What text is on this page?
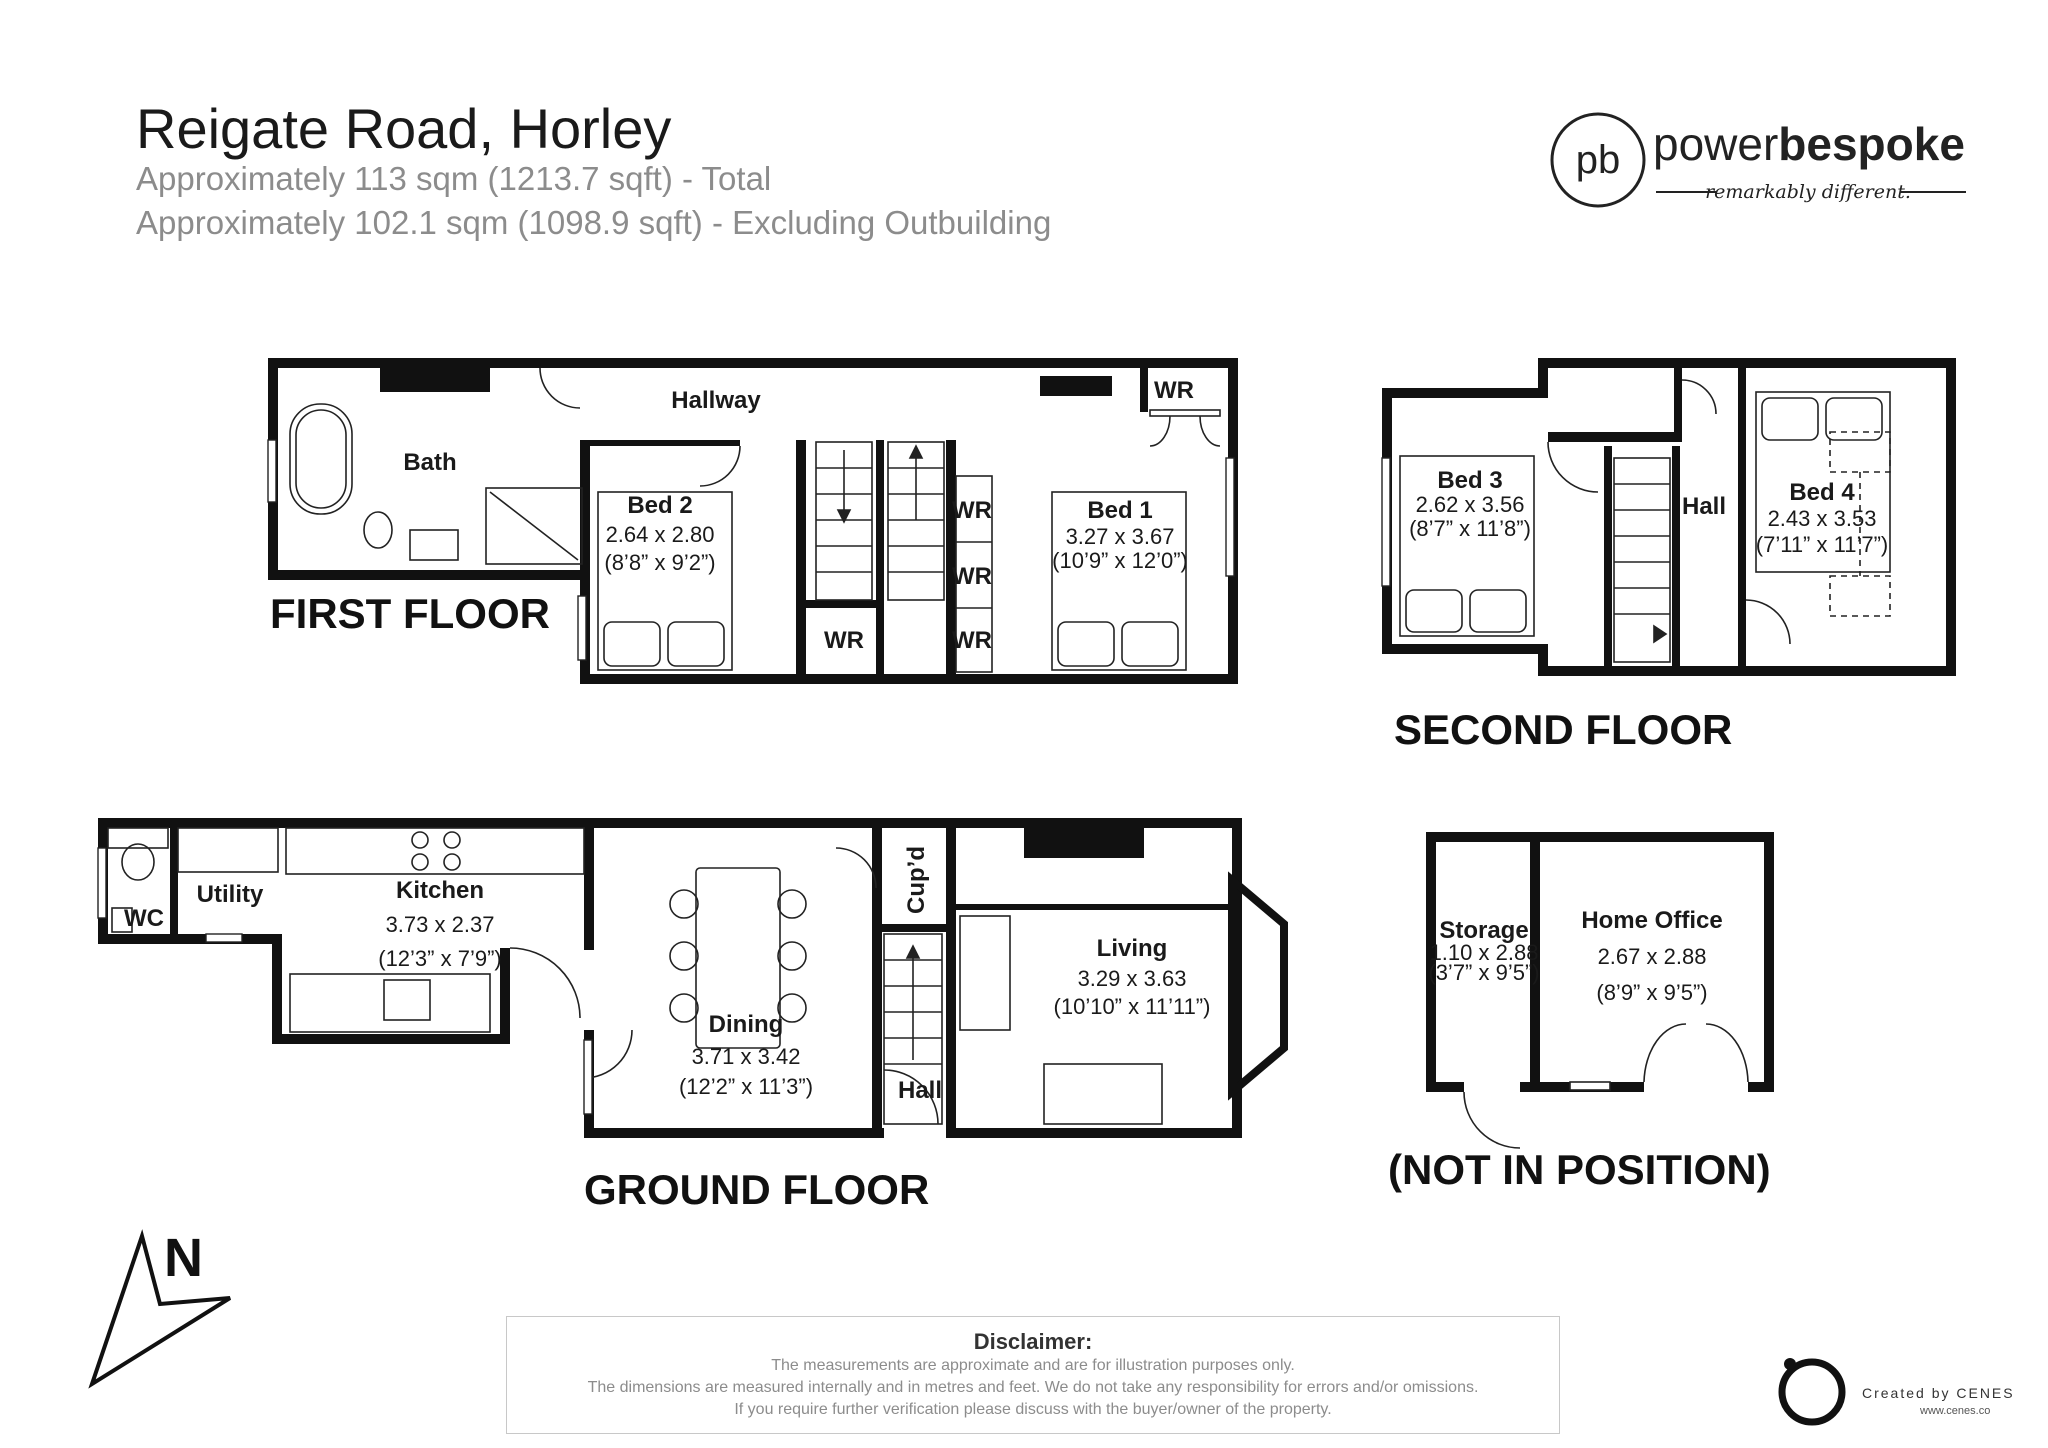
Reigate Road, Horley
Approximately 113 sqm (1213.7 sqft) - Total
Approximately 102.1 sqm (1098.9 sqft) - Excluding Outbuilding
pb powerbespoke
remarkably different.
Hallway
Bath
Bed 2
2.64 x 2.80
(8’8” x 9’2”)
Bed 1
3.27 x 3.67
(10’9” x 12’0”)
WR
WR
WR
WR
WR
FIRST FLOOR
Hall
Bed 3
2.62 x 3.56
(8’7” x 11’8”)
Bed 4
2.43 x 3.53
(7’11” x 11’7”)
SECOND FLOOR
WC
Utility	Kitchen
3.73 x 2.37
(12’3” x 7’9”)
Dining
3.71 x 3.42
(12’2” x 11’3”)
Cup’d
Hall
Living
3.29 x 3.63
(10’10” x 11’11”)
GROUND FLOOR
Storage
1.10 x 2.88
(3’7” x 9’5”)
Home Office
2.67 x 2.88
(8’9” x 9’5”)
(NOT IN POSITION)
N
Disclaimer:
The measurements are approximate and are for illustration purposes only.
The dimensions are measured internally and in metres and feet. We do not take any responsibility for errors and/or omissions.
If you require further verification please discuss with the buyer/owner of the property.
Created by CENES
www.cenes.co
